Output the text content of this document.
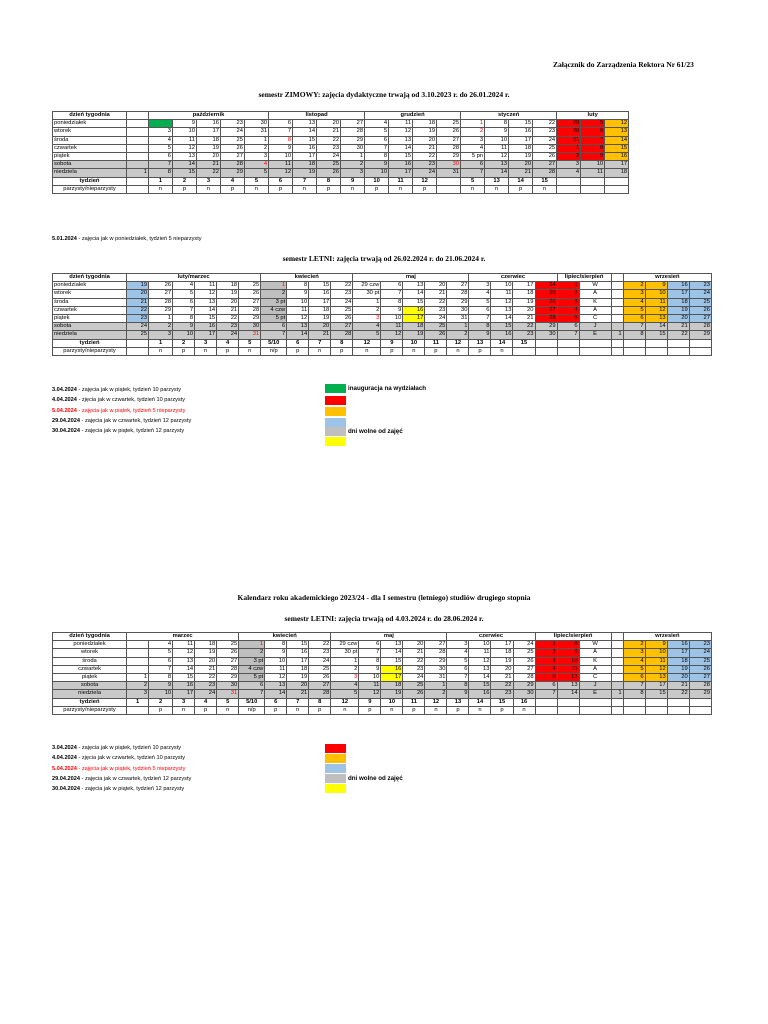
Załącznik do Zarządzenia Rektora Nr 61/23
semestr ZIMOWY: zajęcia dydaktyczne trwają od 3.10.2023 r. do 26.01.2024 r.
dzień tygodnia		październik					listopad				grudzień				styczeń				luty		
poniedziałek			9	16	23	30	6	13	20	27	4	11	18	25	1	8	15	22	29	5	12
wtorek		3	10	17	24	31	7	14	21	28	5	12	19	26	2	9	16	23	30	6	13
środa		4	11	18	25	1	8	15	22	29	6	13	20	27	3	10	17	24	31	7	14
czwartek		5	12	19	26	2	9	16	23	30	7	14	21	28	4	11	18	25	1	8	15
piątek		6	13	20	27	3	10	17	24	1	8	15	22	29	5 pn	12	19	26	2	9	16
sobota		7	14	21	28	4	11	18	25	2	9	16	23	30	6	13	20	27	3	10	17
niedziela	1	8	15	22	29	5	12	19	26	3	10	17	24	31	7	14	21	28	4	11	18
tydzień		1	2	3	4	5	6	7	8	9	10	11	12		5	13	14	15			
parzysty/nieparzysty		n	p	n	p	n	p	n	p	n	p	n	p		n	n	p	n			
5.01.2024 - zajęcia jak w poniedziałek, tydzień 5 nieparzysty
semestr LETNI: zajęcia trwają od 26.02.2024 r. do 21.06.2024 r.
dzień tygodnia	luty/marzec						kwiecień				maj					czerwiec				lipiec/sierpień			wrzesień			
poniedziałek	19	26	4	11	18	25	1	8	15	22	29 czw	6	13	20	27	3	10	17	24	1	W		2	9	16	23
wtorek	20	27	5	12	19	26	2	9	16	23	30 pt	7	14	21	28	4	11	18	25	2	A		3	10	17	24
środa	21	28	6	13	20	27	3 pt	10	17	24	1	8	15	22	29	5	12	19	26	3	K		4	11	18	25
czwartek	22	29	7	14	21	28	4 czw	11	18	25	2	9	16	23	30	6	13	20	27	4	A		5	12	19	26
piątek	23	1	8	15	22	29	5 pt	12	19	26	3	10	17	24	31	7	14	21	28	5	C		6	13	20	27
sobota	24	2	9	16	23	30	6	13	20	27	4	11	18	25	1	8	15	22	29	6	J		7	14	21	28
niedziela	25	3	10	17	24	31	7	14	21	28	5	12	19	26	2	9	16	23	30	7	E	1	8	15	22	29
tydzień		1	2	3	4	5	5/10	6	7	8	12	9	10	11	12	13	14	15								
parzysty/nieparzysty		n	p	n	p	n	n/p	p	n	p	n	p	n	p	n	p	n									
3.04.2024 - zajęcia jak w piątek, tydzień 10 parzysty
4.04.2024 - zjęcia jak w czwartek, tydzień 10 parzysty
5.04.2024 - zajęcia jak w piątek, tydzień 5 nieparzysty
29.04.2024 - zajęcia jak w czwartek, tydzień 12 parzysty
30.04.2024 - zajęcia jak w piątek, tydzień 12 parzysty
inauguracja na wydziałach
dni wolne od zajęć
Kalendarz roku akademickiego 2023/24 - dla I semestru (letniego) studiów drugiego stopnia
semestr LETNI: zajęcia trwają od 4.03.2024 r. do 28.06.2024 r.
dzień tygodnia	marzec					kwiecień				maj					czerwiec				lipiec/sierpień				wrzesień			
poniedziałek		4	11	18	25	1	8	15	22	29 czw	6	13	20	27	3	10	17	24	1	8	W		2	9	16	23
wtorek		5	12	19	26	2	9	16	23	30 pt	7	14	21	28	4	11	18	25	2	9	A		3	10	17	24
środa		6	13	20	27	3 pt	10	17	24	1	8	15	22	29	5	12	19	26	3	10	K		4	11	18	25
czwartek		7	14	21	28	4 czw	11	18	25	2	9	16	23	30	6	13	20	27	4	11	A		5	12	19	26
piątek	1	8	15	22	29	5 pt	12	19	26	3	10	17	24	31	7	14	21	28	5	12	C		6	13	20	27
sobota	2	9	16	23	30	6	13	20	27	4	11	18	25	1	8	15	22	29	6	13	J		7	17	21	28
niedziela	3	10	17	24	31	7	14	21	28	5	12	19	26	2	9	16	23	30	7	14	E	1	8	15	22	29
tydzień	1	2	3	4	5	5/10	6	7	8	12	9	10	11	12	13	14	15	16								
parzysty/nieparzysty		p	n	p	n	n/p	p	n	p	n	p	n	p	n	p	n	p	n								
3.04.2024 - zajęcia jak w piątek, tydzień 10 parzysty
4.04.2024 - zjęcia jak w czwartek, tydzień 10 parzysty
5.04.2024 - zajęcia jak w piątek, tydzień 5 nieparzysty
29.04.2024 - zajęcia jak w czwartek, tydzień 12 parzysty
30.04.2024 - zajęcia jak w piątek, tydzień 12 parzysty
dni wolne od zajęć
